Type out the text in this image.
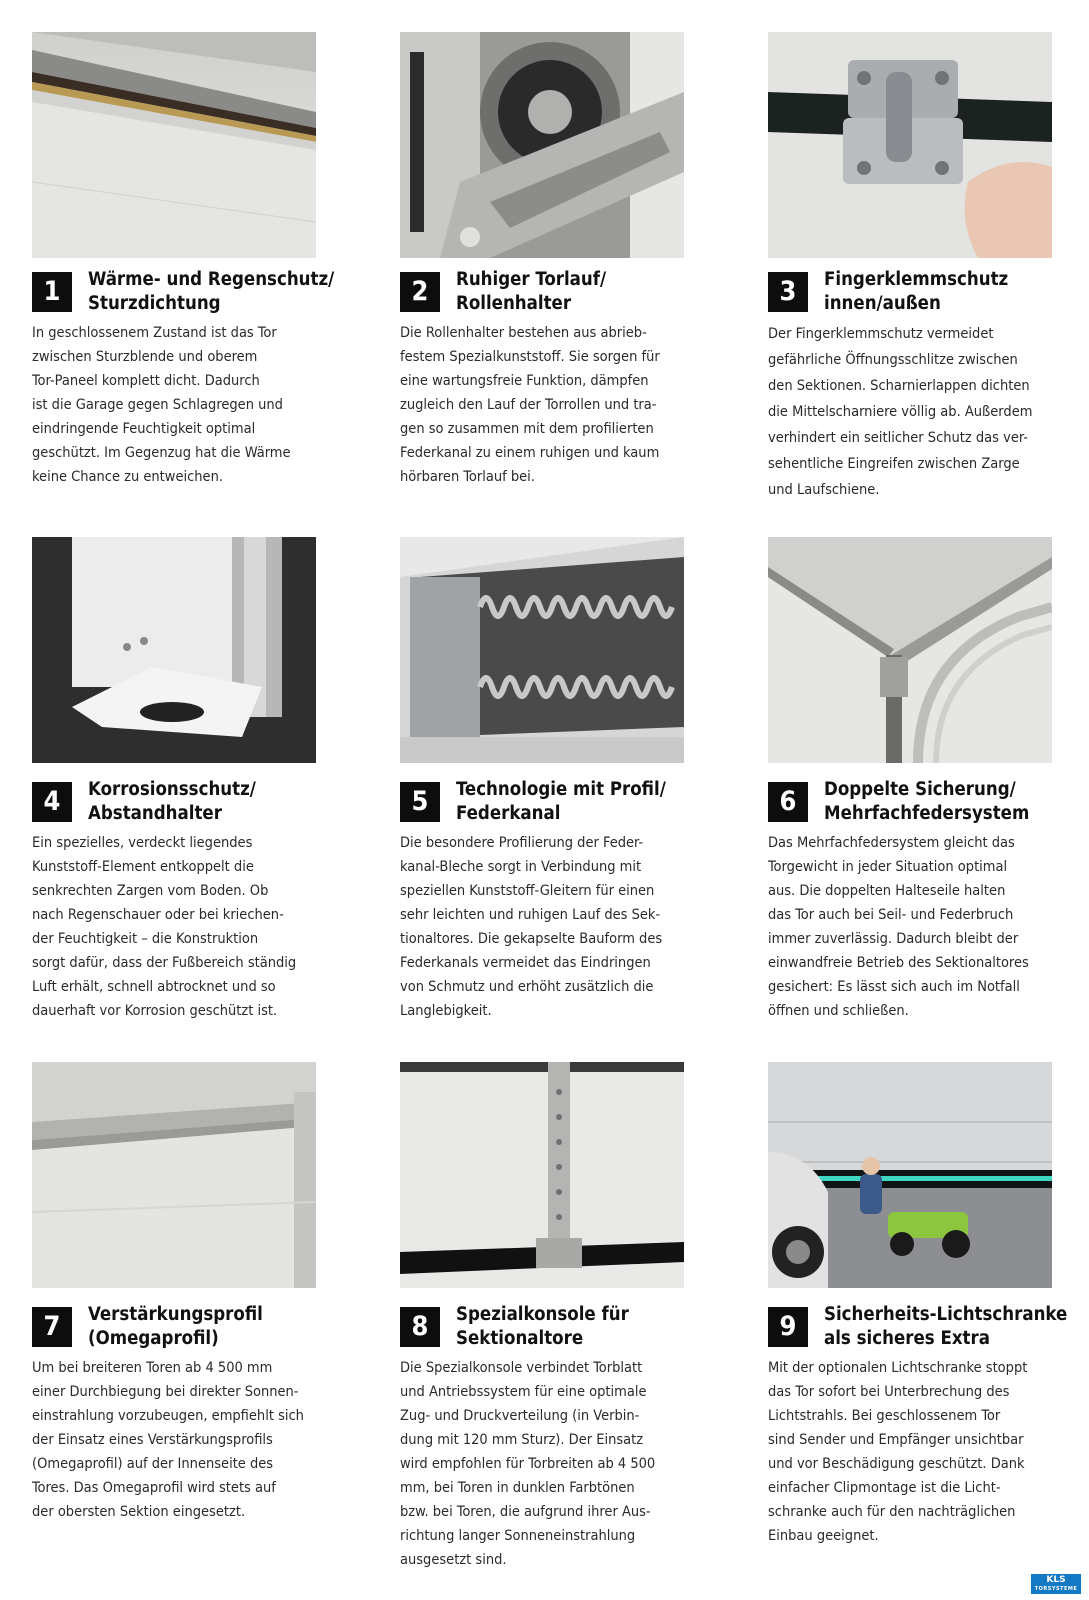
1	Wärme- und Regenschutz/
Sturzdichtung
In geschlossenem Zustand ist das Tor
zwischen Sturzblende und oberem
Tor-Paneel komplett dicht. Dadurch
ist die Garage gegen Schlagregen und
eindringende Feuchtigkeit optimal
geschützt. Im Gegenzug hat die Wärme
keine Chance zu entweichen.
2	Ruhiger Torlauf/
Rollenhalter
Die Rollenhalter bestehen aus abrieb-
festem Spezialkunststoff. Sie sorgen für
eine wartungsfreie Funktion, dämpfen
zugleich den Lauf der Torrollen und tra-
gen so zusammen mit dem profilierten
Federkanal zu einem ruhigen und kaum
hörbaren Torlauf bei.
3	Fingerklemmschutz
innen/außen
Der Fingerklemmschutz vermeidet
gefährliche Öffnungsschlitze zwischen
den Sektionen. Scharnierlappen dichten
die Mittelscharniere völlig ab. Außerdem
verhindert ein seitlicher Schutz das ver-
sehentliche Eingreifen zwischen Zarge
und Laufschiene.
4	Korrosionsschutz/
Abstandhalter
Ein spezielles, verdeckt liegendes
Kunststoff-Element entkoppelt die
senkrechten Zargen vom Boden. Ob
nach Regenschauer oder bei kriechen-
der Feuchtigkeit – die Konstruktion
sorgt dafür, dass der Fußbereich ständig
Luft erhält, schnell abtrocknet und so
dauerhaft vor Korrosion geschützt ist.
5	Technologie mit Profil/
Federkanal
Die besondere Profilierung der Feder-
kanal-Bleche sorgt in Verbindung mit
speziellen Kunststoff-Gleitern für einen
sehr leichten und ruhigen Lauf des Sek-
tionaltores. Die gekapselte Bauform des
Federkanals vermeidet das Eindringen
von Schmutz und erhöht zusätzlich die
Langlebigkeit.
6	Doppelte Sicherung/
Mehrfachfedersystem
Das Mehrfachfedersystem gleicht das
Torgewicht in jeder Situation optimal
aus. Die doppelten Halteseile halten
das Tor auch bei Seil- und Federbruch
immer zuverlässig. Dadurch bleibt der
einwandfreie Betrieb des Sektionaltores
gesichert: Es lässt sich auch im Notfall
öffnen und schließen.
7	Verstärkungsprofil
(Omegaprofil)
Um bei breiteren Toren ab 4 500 mm
einer Durchbiegung bei direkter Sonnen-
einstrahlung vorzubeugen, empfiehlt sich
der Einsatz eines Verstärkungsprofils
(Omegaprofil) auf der Innenseite des
Tores. Das Omegaprofil wird stets auf
der obersten Sektion eingesetzt.
8	Spezialkonsole für
Sektionaltore
Die Spezialkonsole verbindet Torblatt
und Antriebssystem für eine optimale
Zug- und Druckverteilung (in Verbin-
dung mit 120 mm Sturz). Der Einsatz
wird empfohlen für Torbreiten ab 4 500
mm, bei Toren in dunklen Farbtönen
bzw. bei Toren, die aufgrund ihrer Aus-
richtung langer Sonneneinstrahlung
ausgesetzt sind.
9	Sicherheits-Lichtschranke
als sicheres Extra
Mit der optionalen Lichtschranke stoppt
das Tor sofort bei Unterbrechung des
Lichtstrahls. Bei geschlossenem Tor
sind Sender und Empfänger unsichtbar
und vor Beschädigung geschützt. Dank
einfacher Clipmontage ist die Licht-
schranke auch für den nachträglichen
Einbau geeignet.
KLS
TORSYSTEME
